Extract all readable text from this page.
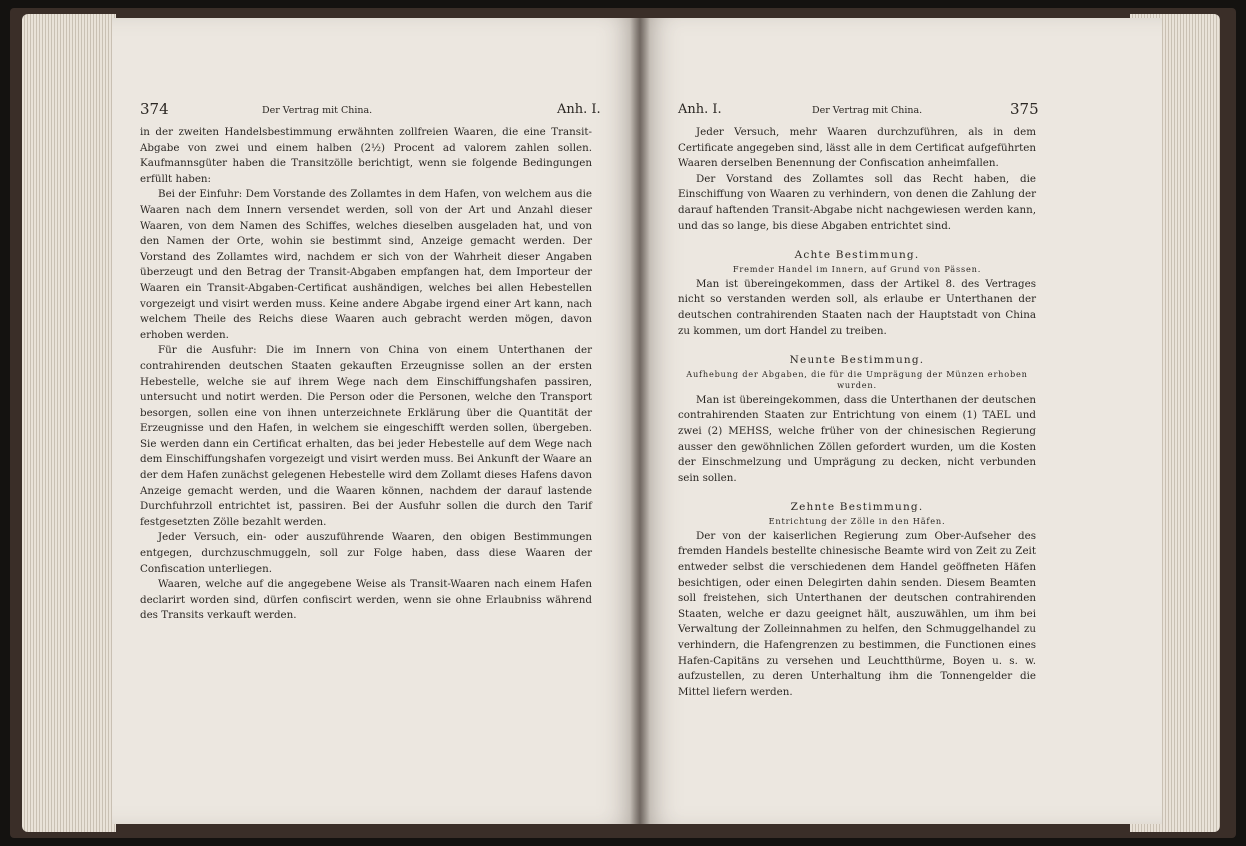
374	Der Vertrag mit China.	Anh. I.

in der zweiten Handelsbestimmung erwähnten zollfreien Waaren, die eine Transit-Abgabe von zwei und einem halben (2½) Procent ad valorem zahlen sollen. Kaufmannsgüter haben die Transitzölle berichtigt, wenn sie folgende Bedingungen erfüllt haben:

Bei der Einfuhr: Dem Vorstande des Zollamtes in dem Hafen, von welchem aus die Waaren nach dem Innern versendet werden, soll von der Art und Anzahl dieser Waaren, von dem Namen des Schiffes, welches dieselben ausgeladen hat, und von den Namen der Orte, wohin sie bestimmt sind, Anzeige gemacht werden. Der Vorstand des Zollamtes wird, nachdem er sich von der Wahrheit dieser Angaben überzeugt und den Betrag der Transit-Abgaben empfangen hat, dem Importeur der Waaren ein Transit-Abgaben-Certificat aushändigen, welches bei allen Hebestellen vorgezeigt und visirt werden muss. Keine andere Abgabe irgend einer Art kann, nach welchem Theile des Reichs diese Waaren auch gebracht werden mögen, davon erhoben werden.

Für die Ausfuhr: Die im Innern von China von einem Unterthanen der contrahirenden deutschen Staaten gekauften Erzeugnisse sollen an der ersten Hebestelle, welche sie auf ihrem Wege nach dem Einschiffungshafen passiren, untersucht und notirt werden. Die Person oder die Personen, welche den Transport besorgen, sollen eine von ihnen unterzeichnete Erklärung über die Quantität der Erzeugnisse und den Hafen, in welchem sie eingeschifft werden sollen, übergeben. Sie werden dann ein Certificat erhalten, das bei jeder Hebestelle auf dem Wege nach dem Einschiffungshafen vorgezeigt und visirt werden muss. Bei Ankunft der Waare an der dem Hafen zunächst gelegenen Hebestelle wird dem Zollamt dieses Hafens davon Anzeige gemacht werden, und die Waaren können, nachdem der darauf lastende Durchfuhrzoll entrichtet ist, passiren. Bei der Ausfuhr sollen die durch den Tarif festgesetzten Zölle bezahlt werden.

Jeder Versuch, ein- oder auszuführende Waaren, den obigen Bestimmungen entgegen, durchzuschmuggeln, soll zur Folge haben, dass diese Waaren der Confiscation unterliegen.

Waaren, welche auf die angegebene Weise als Transit-Waaren nach einem Hafen declarirt worden sind, dürfen confiscirt werden, wenn sie ohne Erlaubniss während des Transits verkauft werden.

Anh. I.	Der Vertrag mit China.	375

Jeder Versuch, mehr Waaren durchzuführen, als in dem Certificate angegeben sind, lässt alle in dem Certificat aufgeführten Waaren derselben Benennung der Confiscation anheimfallen.

Der Vorstand des Zollamtes soll das Recht haben, die Einschiffung von Waaren zu verhindern, von denen die Zahlung der darauf haftenden Transit-Abgabe nicht nachgewiesen werden kann, und das so lange, bis diese Abgaben entrichtet sind.

Achte Bestimmung.
Fremder Handel im Innern, auf Grund von Pässen.

Man ist übereingekommen, dass der Artikel 8. des Vertrages nicht so verstanden werden soll, als erlaube er Unterthanen der deutschen contrahirenden Staaten nach der Hauptstadt von China zu kommen, um dort Handel zu treiben.

Neunte Bestimmung.
Aufhebung der Abgaben, die für die Umprägung der Münzen erhoben wurden.

Man ist übereingekommen, dass die Unterthanen der deutschen contrahirenden Staaten zur Entrichtung von einem (1) TAEL und zwei (2) MEHSS, welche früher von der chinesischen Regierung ausser den gewöhnlichen Zöllen gefordert wurden, um die Kosten der Einschmelzung und Umprägung zu decken, nicht verbunden sein sollen.

Zehnte Bestimmung.
Entrichtung der Zölle in den Häfen.

Der von der kaiserlichen Regierung zum Ober-Aufseher des fremden Handels bestellte chinesische Beamte wird von Zeit zu Zeit entweder selbst die verschiedenen dem Handel geöffneten Häfen besichtigen, oder einen Delegirten dahin senden. Diesem Beamten soll freistehen, sich Unterthanen der deutschen contrahirenden Staaten, welche er dazu geeignet hält, auszuwählen, um ihm bei Verwaltung der Zolleinnahmen zu helfen, den Schmuggelhandel zu verhindern, die Hafengrenzen zu bestimmen, die Functionen eines Hafen-Capitäns zu versehen und Leuchtthürme, Boyen u. s. w. aufzustellen, zu deren Unterhaltung ihm die Tonnengelder die Mittel liefern werden.
